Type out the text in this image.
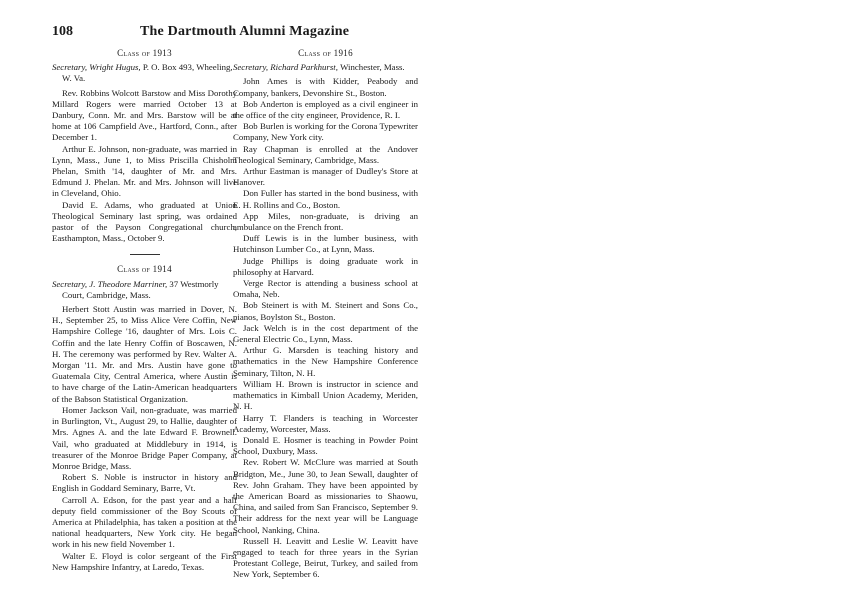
108	The Dartmouth Alumni Magazine
Class of 1913
Secretary, Wright Hugus, P. O. Box 493, Wheeling, W. Va.

Rev. Robbins Wolcott Barstow and Miss Dorothy Millard Rogers were married October 13 at Danbury, Conn. Mr. and Mrs. Barstow will be at home at 106 Campfield Ave., Hartford, Conn., after December 1.

Arthur E. Johnson, non-graduate, was married in Lynn, Mass., June 1, to Miss Priscilla Chisholm Phelan, Smith '14, daughter of Mr. and Mrs. Edmund J. Phelan. Mr. and Mrs. Johnson will live in Cleveland, Ohio.

David E. Adams, who graduated at Union Theological Seminary last spring, was ordained pastor of the Payson Congregational church, Easthampton, Mass., October 9.

Class of 1914
Secretary, J. Theodore Marriner, 37 Westmorly Court, Cambridge, Mass.

Herbert Stott Austin was married in Dover, N. H., September 25, to Miss Alice Vere Coffin, New Hampshire College '16, daughter of Mrs. Lois C. Coffin and the late Henry Coffin of Boscawen, N. H. The ceremony was performed by Rev. Walter A. Morgan '11. Mr. and Mrs. Austin have gone to Guatemala City, Central America, where Austin is to have charge of the Latin-American headquarters of the Babson Statistical Organization.

Homer Jackson Vail, non-graduate, was married in Burlington, Vt., August 29, to Hallie, daughter of Mrs. Agnes A. and the late Edward F. Brownell. Vail, who graduated at Middlebury in 1914, is treasurer of the Monroe Bridge Paper Company, at Monroe Bridge, Mass.

Robert S. Noble is instructor in history and English in Goddard Seminary, Barre, Vt.

Carroll A. Edson, for the past year and a half deputy field commissioner of the Boy Scouts of America at Philadelphia, has taken a position at the national headquarters, New York city. He began work in his new field November 1.

Walter E. Floyd is color sergeant of the First New Hampshire Infantry, at Laredo, Texas.

Class of 1916
Secretary, Richard Parkhurst, Winchester, Mass.

John Ames is with Kidder, Peabody and Company, bankers, Devonshire St., Boston.

Bob Anderton is employed as a civil engineer in the office of the city engineer, Providence, R. I.

Bob Burlen is working for the Corona Typewriter Company, New York city.

Ray Chapman is enrolled at the Andover Theological Seminary, Cambridge, Mass.

Arthur Eastman is manager of Dudley's Store at Hanover.

Don Fuller has started in the bond business, with E. H. Rollins and Co., Boston.

App Miles, non-graduate, is driving an ambulance on the French front.

Duff Lewis is in the lumber business, with Hutchinson Lumber Co., at Lynn, Mass.

Judge Phillips is doing graduate work in philosophy at Harvard.

Verge Rector is attending a business school at Omaha, Neb.

Bob Steinert is with M. Steinert and Sons Co., pianos, Boylston St., Boston.

Jack Welch is in the cost department of the General Electric Co., Lynn, Mass.

Arthur G. Marsden is teaching history and mathematics in the New Hampshire Conference Seminary, Tilton, N. H.

William H. Brown is instructor in science and mathematics in Kimball Union Academy, Meriden, N. H.

Harry T. Flanders is teaching in Worcester Academy, Worcester, Mass.

Donald E. Hosmer is teaching in Powder Point School, Duxbury, Mass.

Rev. Robert W. McClure was married at South Bridgton, Me., June 30, to Jean Sewall, daughter of Rev. John Graham. They have been appointed by the American Board as missionaries to Shaowu, China, and sailed from San Francisco, September 9. Their address for the next year will be Language School, Nanking, China.

Russell H. Leavitt and Leslie W. Leavitt have engaged to teach for three years in the Syrian Protestant College, Beirut, Turkey, and sailed from New York, September 6.
